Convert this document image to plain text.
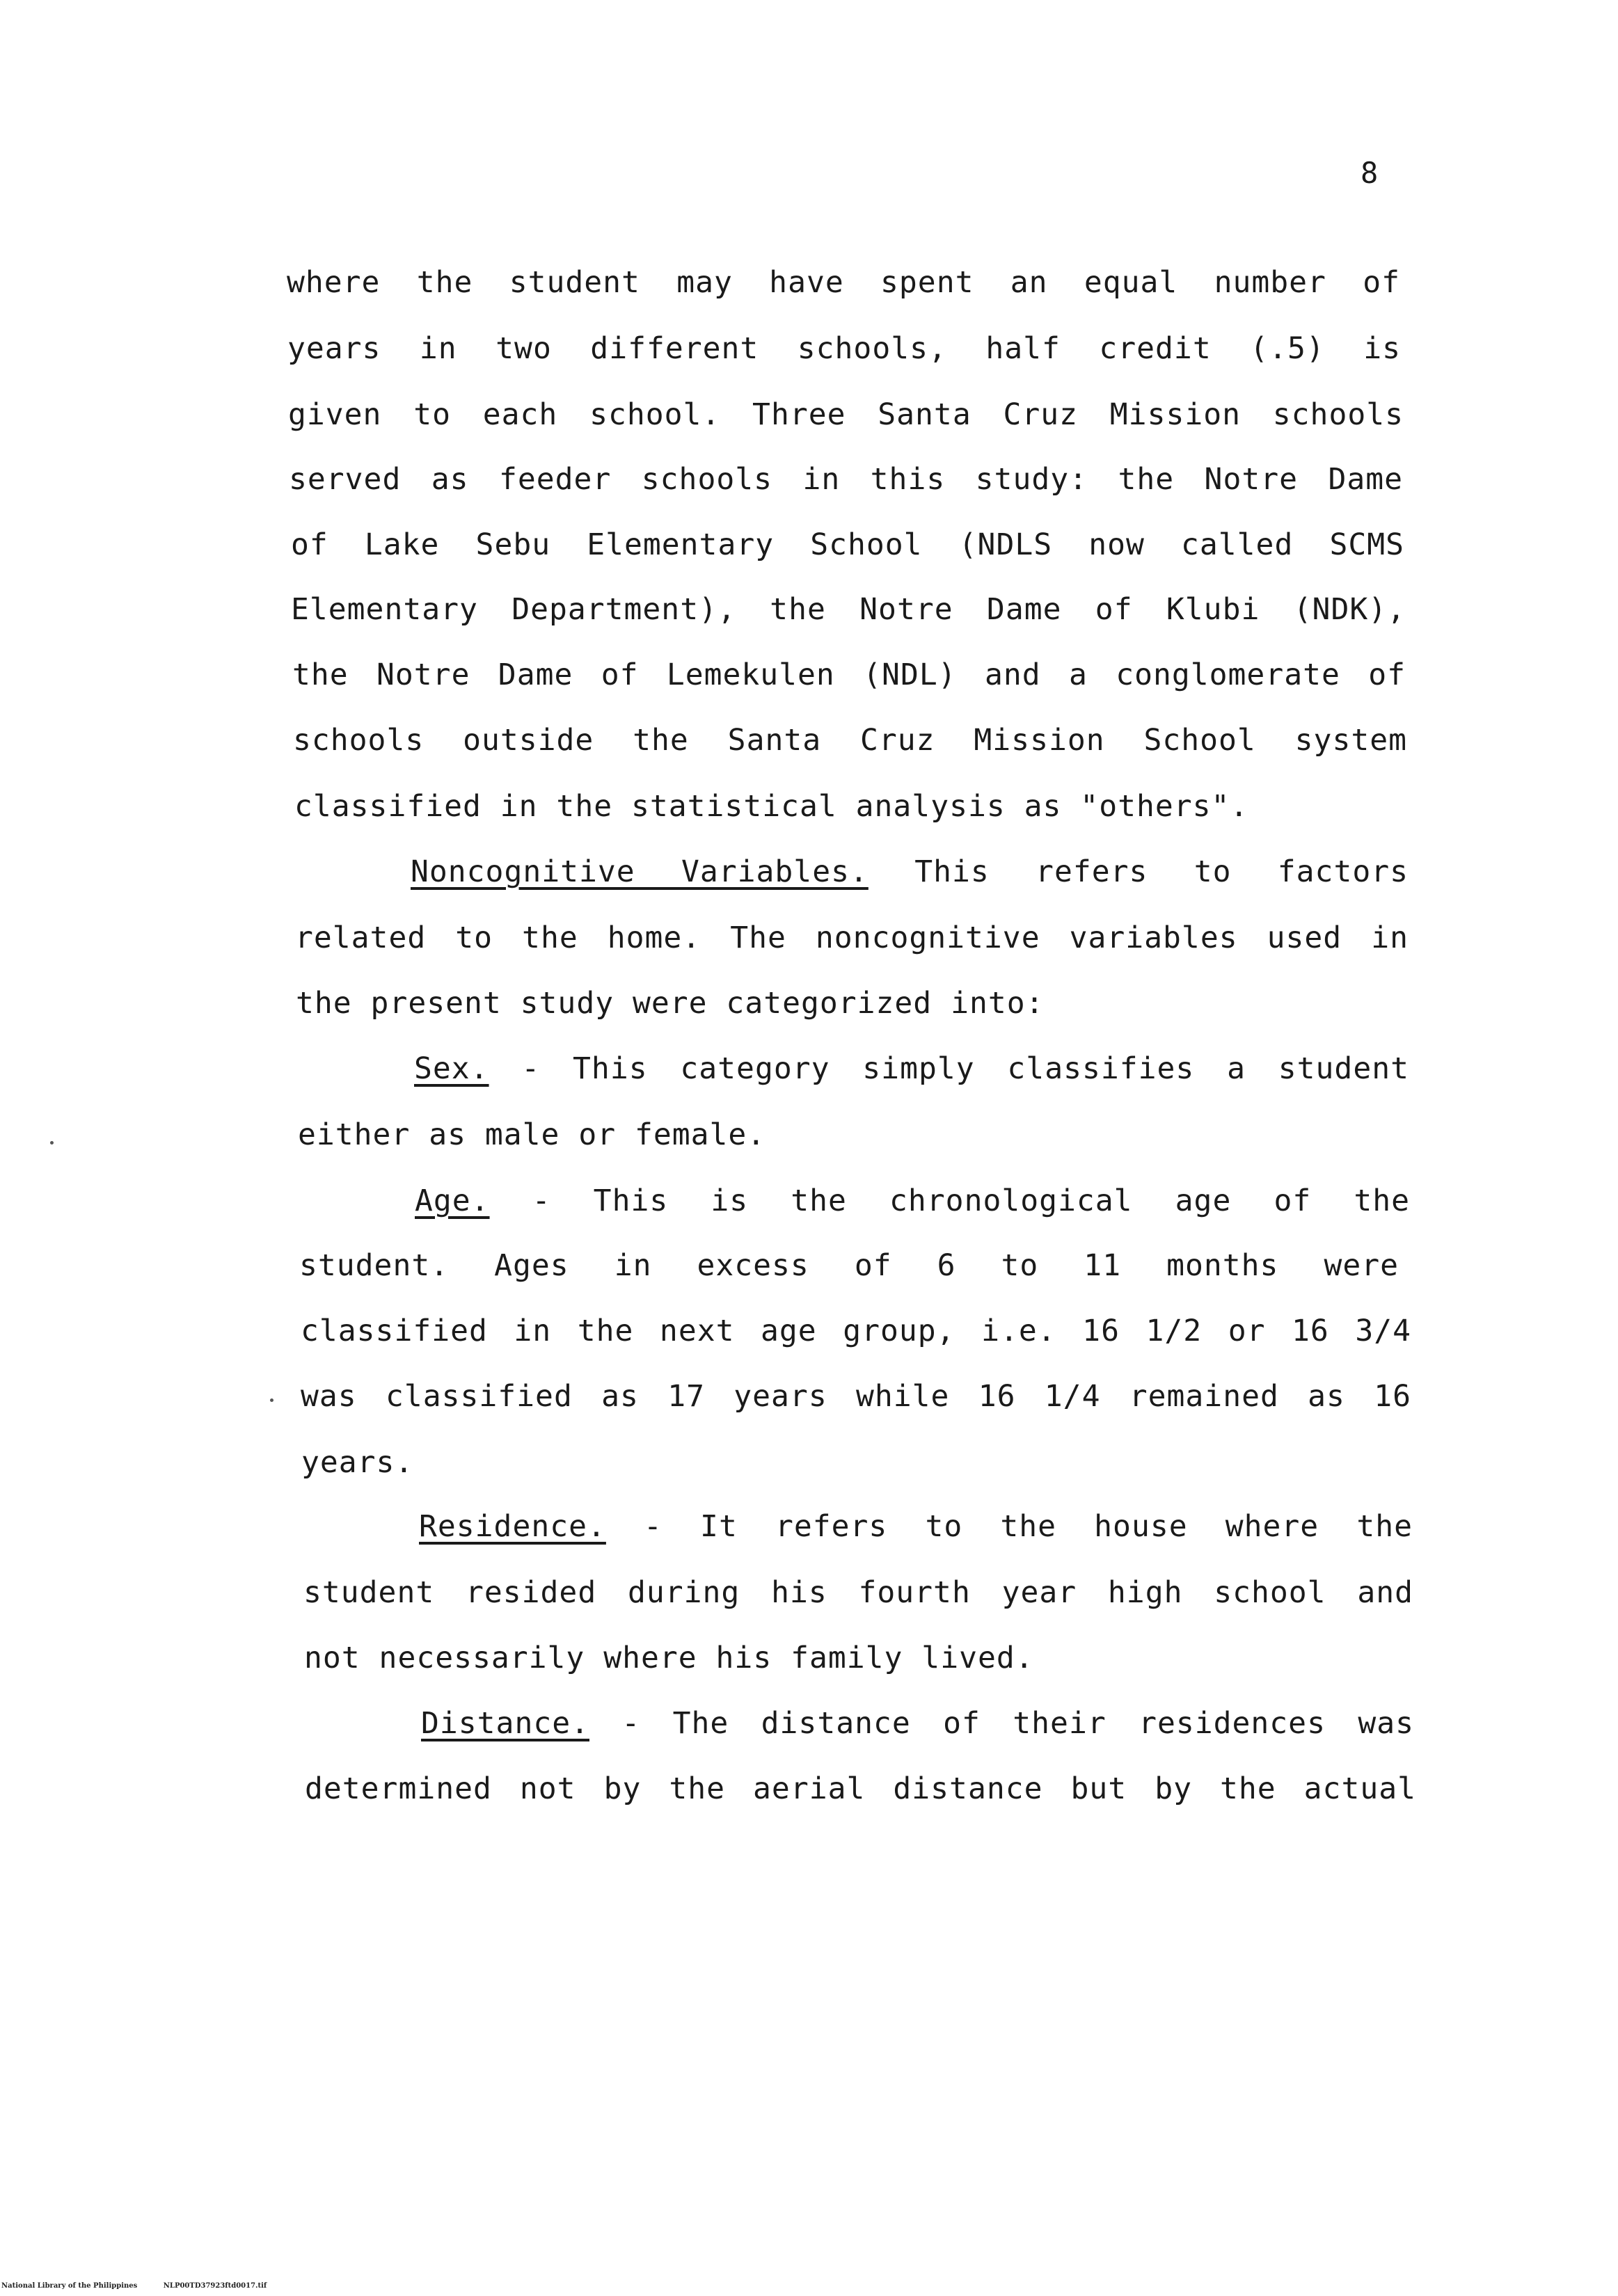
8
where the student may have spent an equal number of
years in two different schools, half credit (.5) is
given to each school. Three Santa Cruz Mission schools
served as feeder schools in this study: the Notre Dame
of Lake Sebu Elementary School (NDLS now called SCMS
Elementary Department), the Notre Dame of Klubi (NDK),
the Notre Dame of Lemekulen (NDL) and a conglomerate of
schools outside the Santa Cruz Mission School system
classified in the statistical analysis as "others".
Noncognitive Variables. This refers to factors
related to the home. The noncognitive variables used in
the present study were categorized into:
Sex. - This category simply classifies a student
either as male or female.
Age. - This is the chronological age of the
student. Ages in excess of 6 to 11 months were
classified in the next age group, i.e. 16 1/2 or 16 3/4
was classified as 17 years while 16 1/4 remained as 16
years.
Residence. - It refers to the house where the
student resided during his fourth year high school and
not necessarily where his family lived.
Distance. - The distance of their residences was
determined not by the aerial distance but by the actual
National Library of the Philippines	NLP00TD37923ftd0017.tif
